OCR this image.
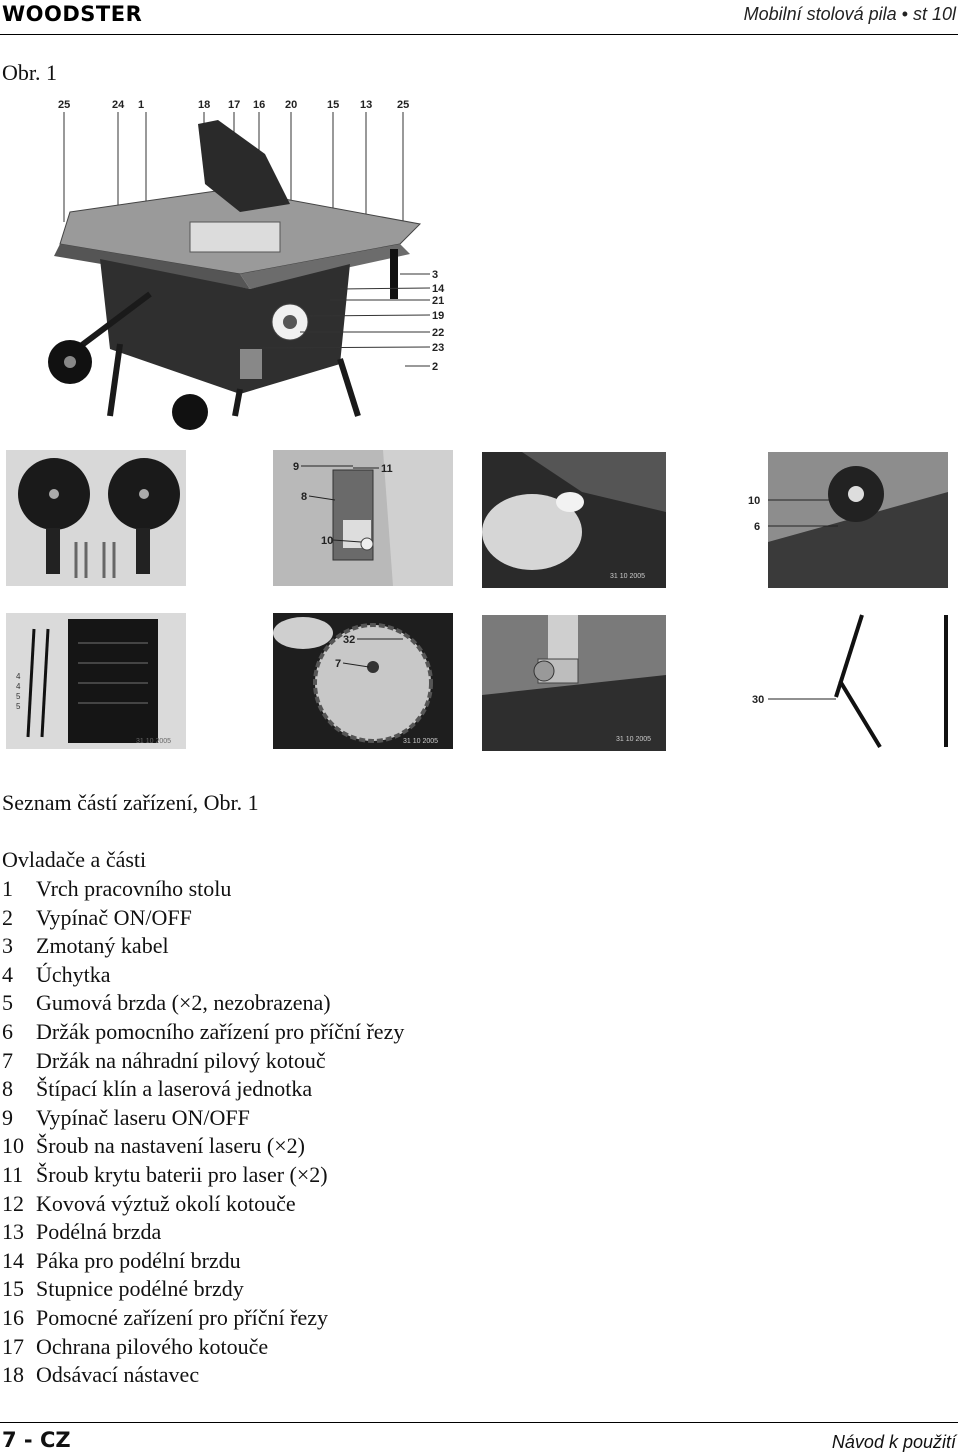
WOODSTER	Mobilní stolová pila • st 10l
Obr. 1
25	24 1	18 17 16 20	15 13 25
3
14
21
19
22
23
2
9	11
8
10
31 10 2005
10
6
4
4
5
5
31 10 2005
32
7
31 10 2005	31 10 2005
30
Seznam částí zařízení, Obr. 1
Ovladače a části
1 Vrch pracovního stolu
2 Vypínač ON/OFF
3 Zmotaný kabel
4 Úchytka
5 Gumová brzda (×2, nezobrazena)
6 Držák pomocního zařízení pro příční řezy
7 Držák na náhradní pilový kotouč
8 Štípací klín a laserová jednotka
9 Vypínač laseru ON/OFF
10 Šroub na nastavení laseru (×2)
11 Šroub krytu baterii pro laser (×2)
12 Kovová výztuž okolí kotouče
13 Podélná brzda
14 Páka pro podélní brzdu
15 Stupnice podélné brzdy
16 Pomocné zařízení pro příční řezy
17 Ochrana pilového kotouče
18 Odsávací nástavec
7 - CZ	Návod k použití
